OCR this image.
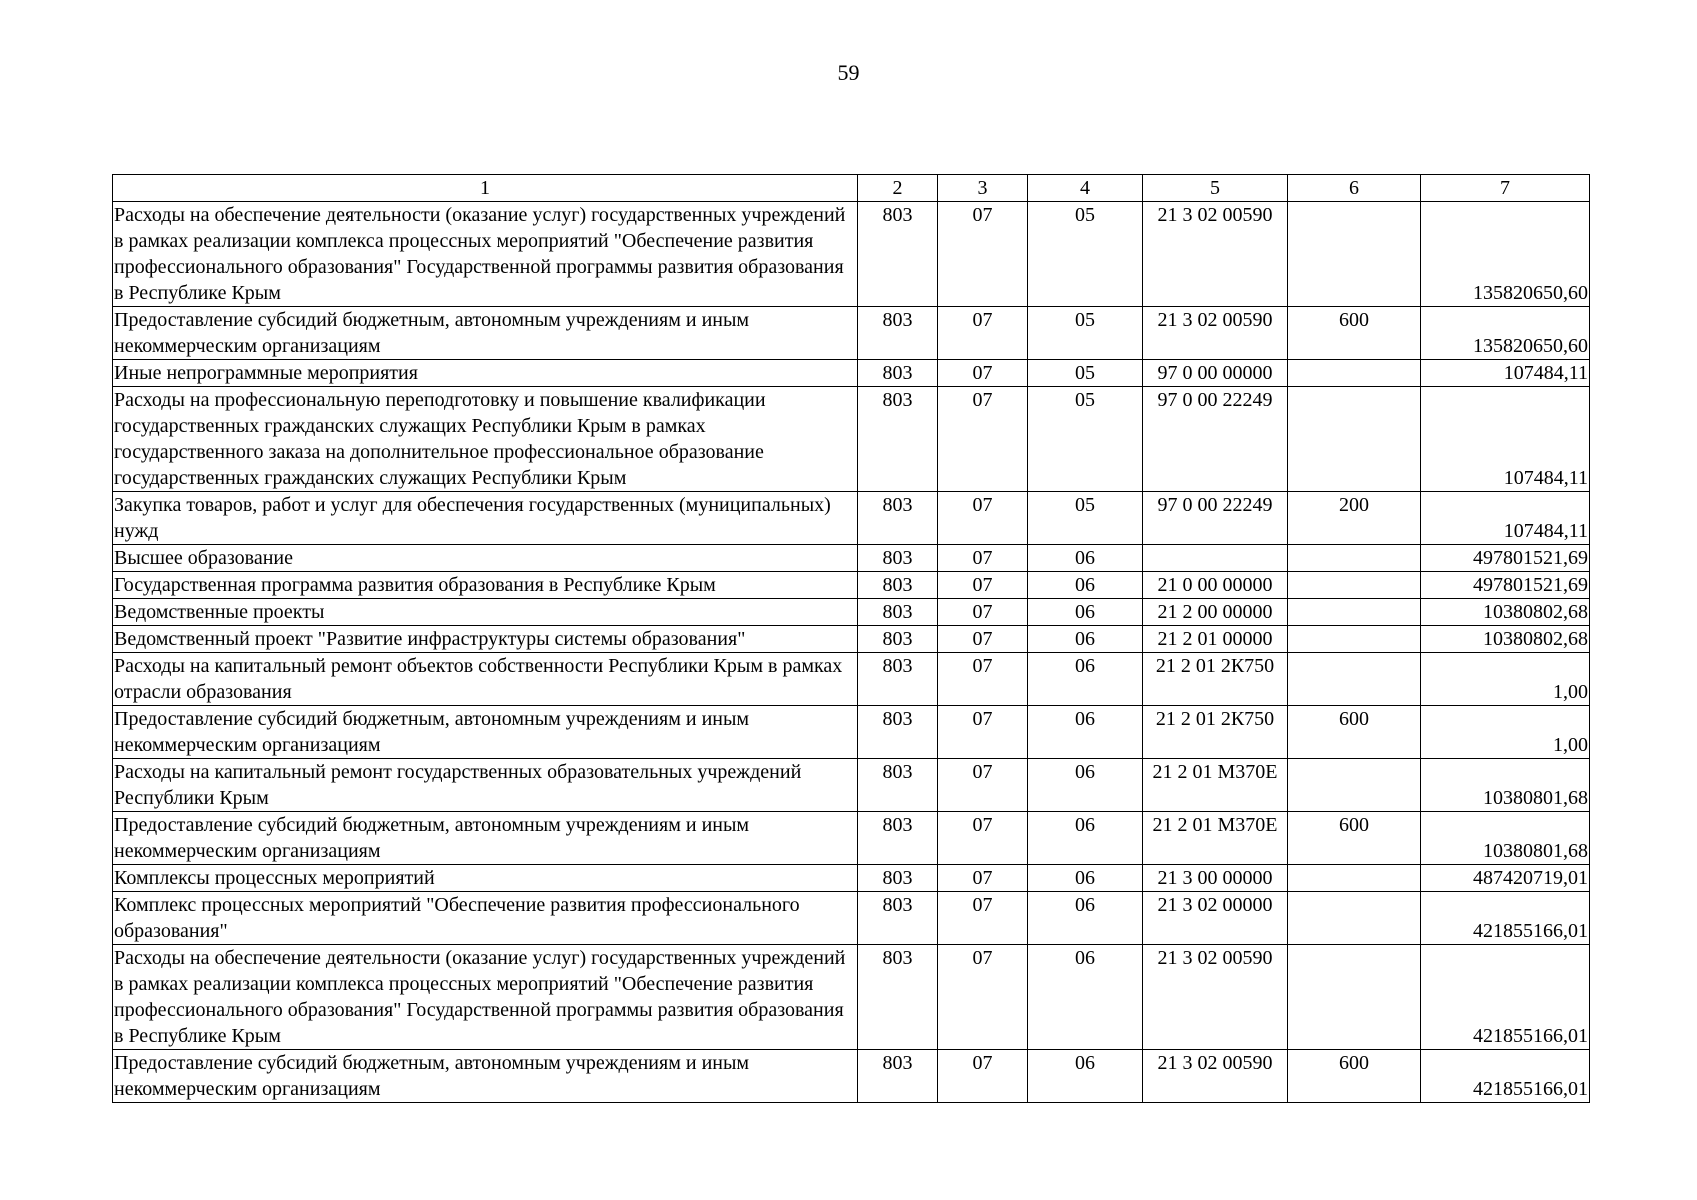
59
1	2	3	4	5	6	7
Расходы на обеспечение деятельности (оказание услуг) государственных учреждений в рамках реализации комплекса процессных мероприятий "Обеспечение развития профессионального образования" Государственной программы развития образования в Республике Крым	803	07	05	21 3 02 00590		135820650,60
Предоставление субсидий бюджетным, автономным учреждениям и иным некоммерческим организациям	803	07	05	21 3 02 00590	600	135820650,60
Иные непрограммные мероприятия	803	07	05	97 0 00 00000		107484,11
Расходы на профессиональную переподготовку и повышение квалификации государственных гражданских служащих Республики Крым в рамках государственного заказа на дополнительное профессиональное образование государственных гражданских служащих Республики Крым	803	07	05	97 0 00 22249		107484,11
Закупка товаров, работ и услуг для обеспечения государственных (муниципальных) нужд	803	07	05	97 0 00 22249	200	107484,11
Высшее образование	803	07	06			497801521,69
Государственная программа развития образования в Республике Крым	803	07	06	21 0 00 00000		497801521,69
Ведомственные проекты	803	07	06	21 2 00 00000		10380802,68
Ведомственный проект "Развитие инфраструктуры системы образования"	803	07	06	21 2 01 00000		10380802,68
Расходы на капитальный ремонт объектов собственности Республики Крым в рамках отрасли образования	803	07	06	21 2 01 2К750		1,00
Предоставление субсидий бюджетным, автономным учреждениям и иным некоммерческим организациям	803	07	06	21 2 01 2К750	600	1,00
Расходы на капитальный ремонт государственных образовательных учреждений Республики Крым	803	07	06	21 2 01 М370Е		10380801,68
Предоставление субсидий бюджетным, автономным учреждениям и иным некоммерческим организациям	803	07	06	21 2 01 М370Е	600	10380801,68
Комплексы процессных мероприятий	803	07	06	21 3 00 00000		487420719,01
Комплекс процессных мероприятий "Обеспечение развития профессионального образования"	803	07	06	21 3 02 00000		421855166,01
Расходы на обеспечение деятельности (оказание услуг) государственных учреждений в рамках реализации комплекса процессных мероприятий "Обеспечение развития профессионального образования" Государственной программы развития образования в Республике Крым	803	07	06	21 3 02 00590		421855166,01
Предоставление субсидий бюджетным, автономным учреждениям и иным некоммерческим организациям	803	07	06	21 3 02 00590	600	421855166,01
